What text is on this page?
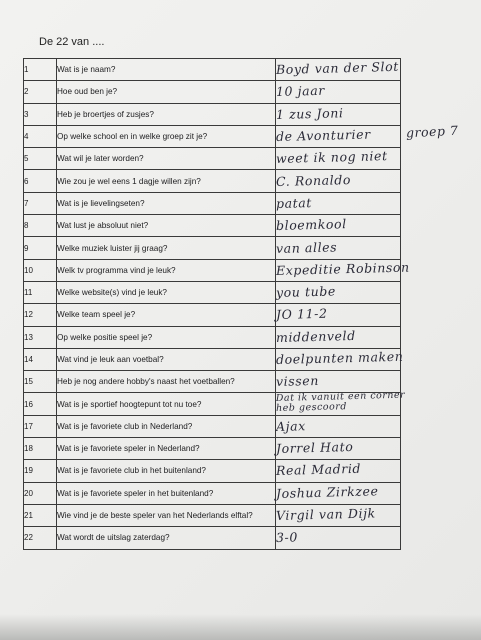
De 22 van ....
1	Wat is je naam?	Boyd van der Slot
2	Hoe oud ben je?	10 jaar
3	Heb je broertjes of zusjes?	1 zus Joni
4	Op welke school en in welke groep zit je?	de Avonturier
5	Wat wil je later worden?	weet ik nog niet
6	Wie zou je wel eens 1 dagje willen zijn?	C. Ronaldo
7	Wat is je lievelingseten?	patat
8	Wat lust je absoluut niet?	bloemkool
9	Welke muziek luister jij graag?	van alles
10	Welk tv programma vind je leuk?	Expeditie Robinson
11	Welke website(s) vind je leuk?	you tube
12	Welke team speel je?	JO 11-2
13	Op welke positie speel je?	middenveld
14	Wat vind je leuk aan voetbal?	doelpunten maken
15	Heb je nog andere hobby's naast het voetballen?	vissen
16	Wat is je sportief hoogtepunt tot nu toe?	Dat ik vanuit een corner heb gescoord
17	Wat is je favoriete club in Nederland?	Ajax
18	Wat is je favoriete speler in Nederland?	Jorrel Hato
19	Wat is je favoriete club in het buitenland?	Real Madrid
20	Wat is je favoriete speler in het buitenland?	Joshua Zirkzee
21	Wie vind je de beste speler van het Nederlands elftal?	Virgil van Dijk
22	Wat wordt de uitslag zaterdag?	3-0
groep 7
